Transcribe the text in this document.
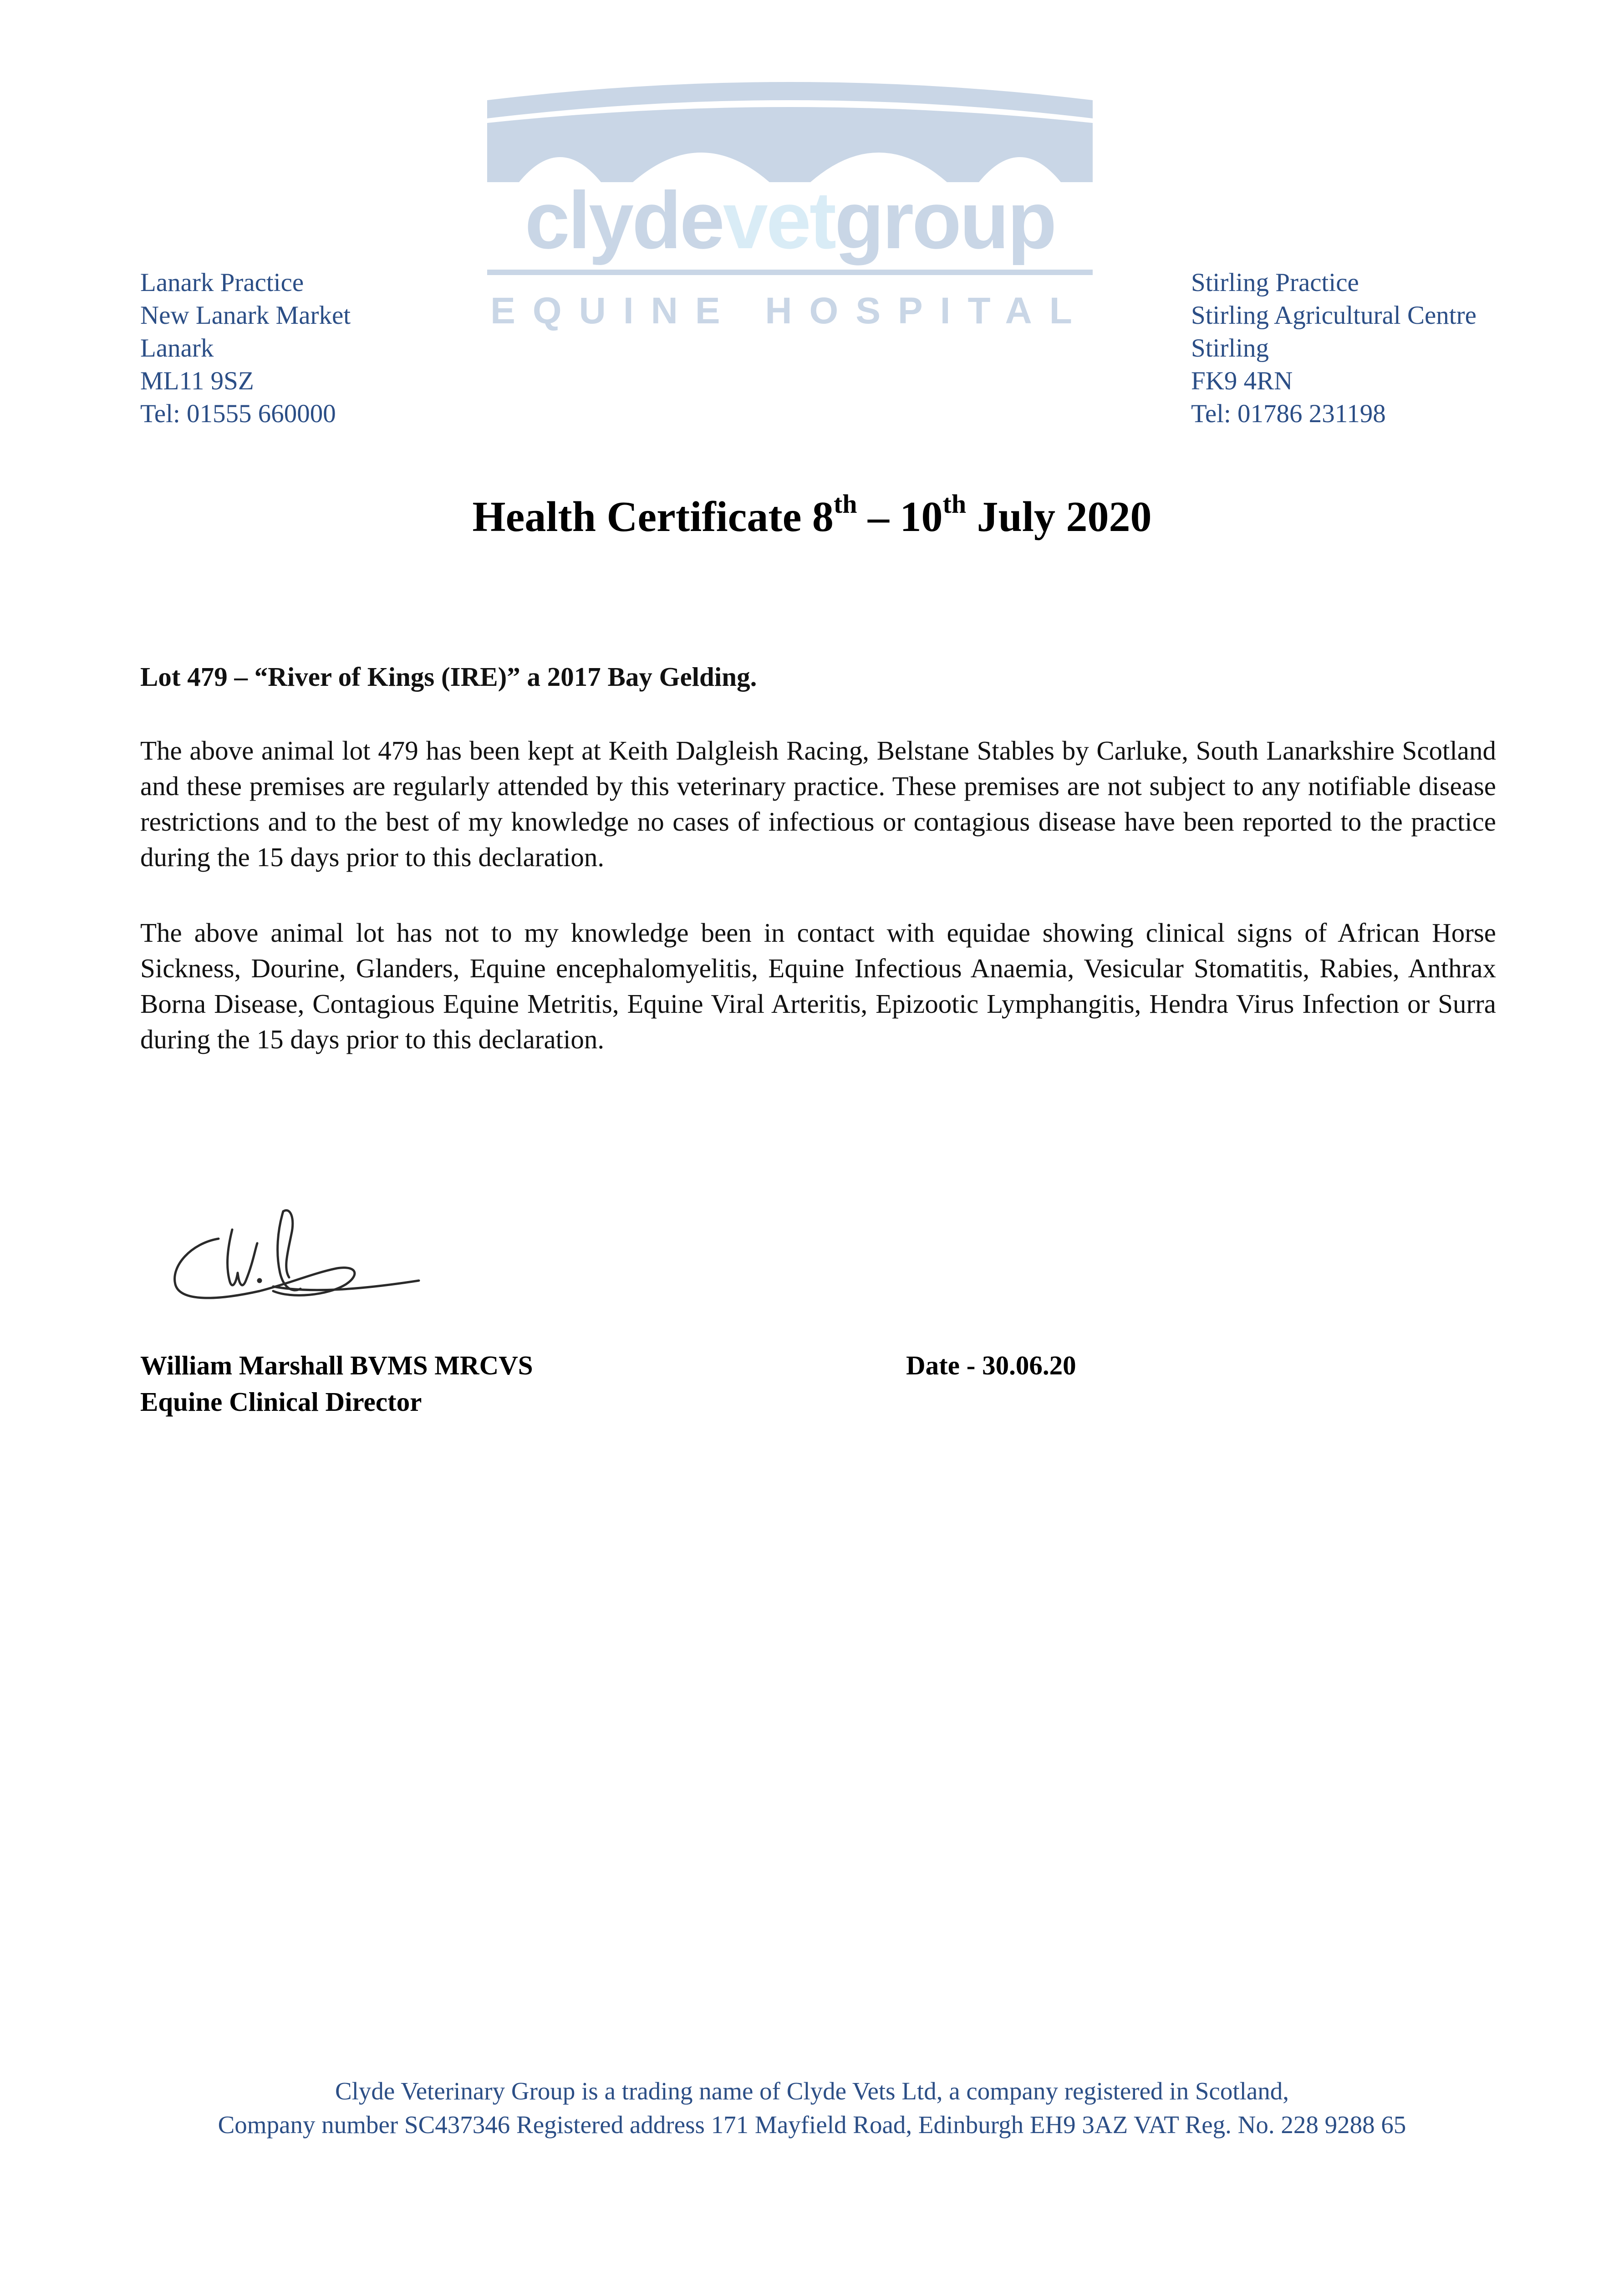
clydevetgroup
EQUINE HOSPITAL
Lanark Practice
New Lanark Market
Lanark
ML11 9SZ
Tel: 01555 660000
Stirling Practice
Stirling Agricultural Centre
Stirling
FK9 4RN
Tel: 01786 231198
Health Certificate 8th – 10th July 2020
Lot 479 – “River of Kings (IRE)” a 2017 Bay Gelding.
The above animal lot 479 has been kept at Keith Dalgleish Racing, Belstane Stables by Carluke, South Lanarkshire Scotland and these premises are regularly attended by this veterinary practice. These premises are not subject to any notifiable disease restrictions and to the best of my knowledge no cases of infectious or contagious disease have been reported to the practice during the 15 days prior to this declaration.
The above animal lot has not to my knowledge been in contact with equidae showing clinical signs of African Horse Sickness, Dourine, Glanders, Equine encephalomyelitis, Equine Infectious Anaemia, Vesicular Stomatitis, Rabies, Anthrax Borna Disease, Contagious Equine Metritis, Equine Viral Arteritis, Epizootic Lymphangitis, Hendra Virus Infection or Surra during the 15 days prior to this declaration.
William Marshall BVMS MRCVS
Equine Clinical Director
Date - 30.06.20
Clyde Veterinary Group is a trading name of Clyde Vets Ltd, a company registered in Scotland,
Company number SC437346 Registered address 171 Mayfield Road, Edinburgh EH9 3AZ VAT Reg. No. 228 9288 65
